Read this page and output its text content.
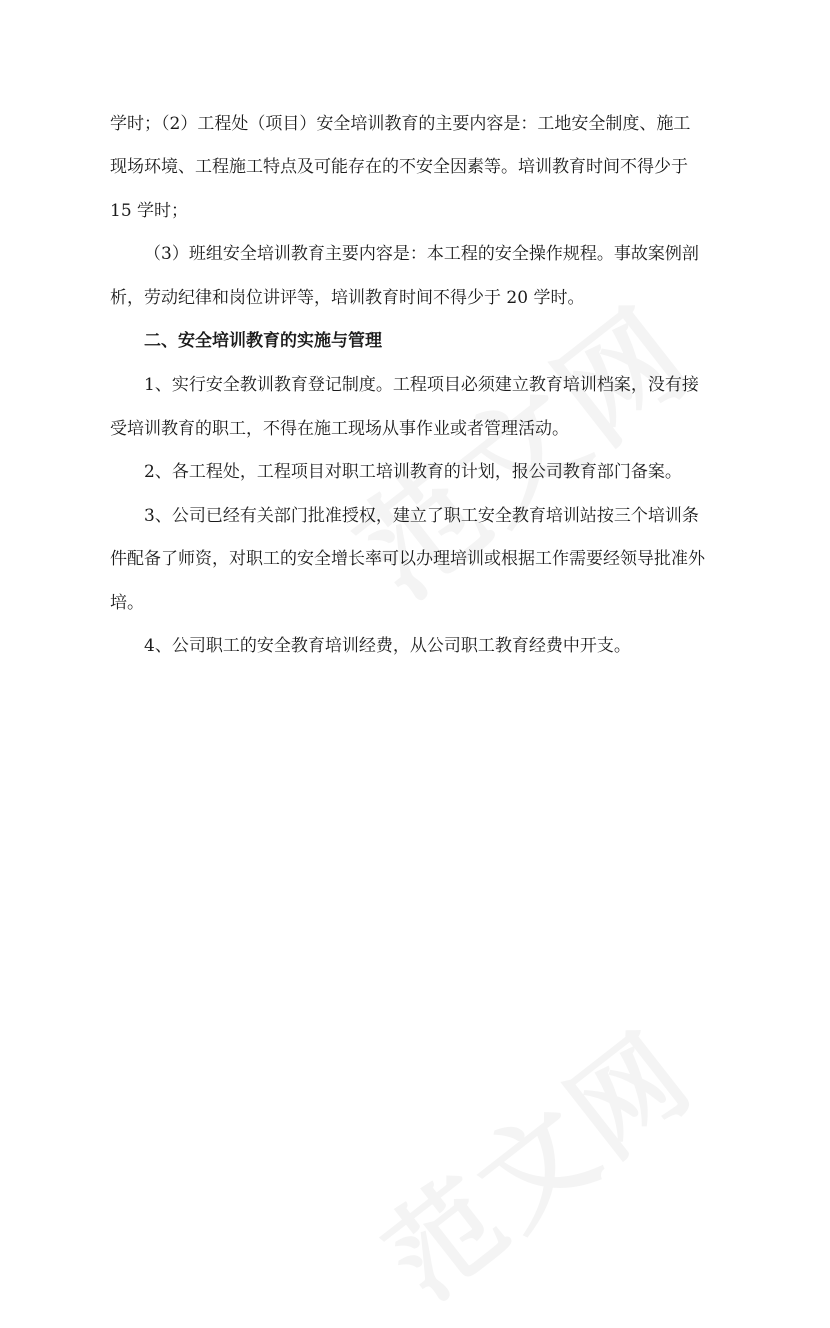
学时；（2）工程处（项目）安全培训教育的主要内容是：工地安全制度、施工
现场环境、工程施工特点及可能存在的不安全因素等。培训教育时间不得少于
15 学时；
（3）班组安全培训教育主要内容是：本工程的安全操作规程。事故案例剖
析，劳动纪律和岗位讲评等，培训教育时间不得少于 20 学时。
二、安全培训教育的实施与管理
1、实行安全教训教育登记制度。工程项目必须建立教育培训档案，没有接
受培训教育的职工，不得在施工现场从事作业或者管理活动。
2、各工程处，工程项目对职工培训教育的计划，报公司教育部门备案。
3、公司已经有关部门批准授权，建立了职工安全教育培训站按三个培训条
件配备了师资，对职工的安全增长率可以办理培训或根据工作需要经领导批准外
培。
4、公司职工的安全教育培训经费，从公司职工教育经费中开支。
